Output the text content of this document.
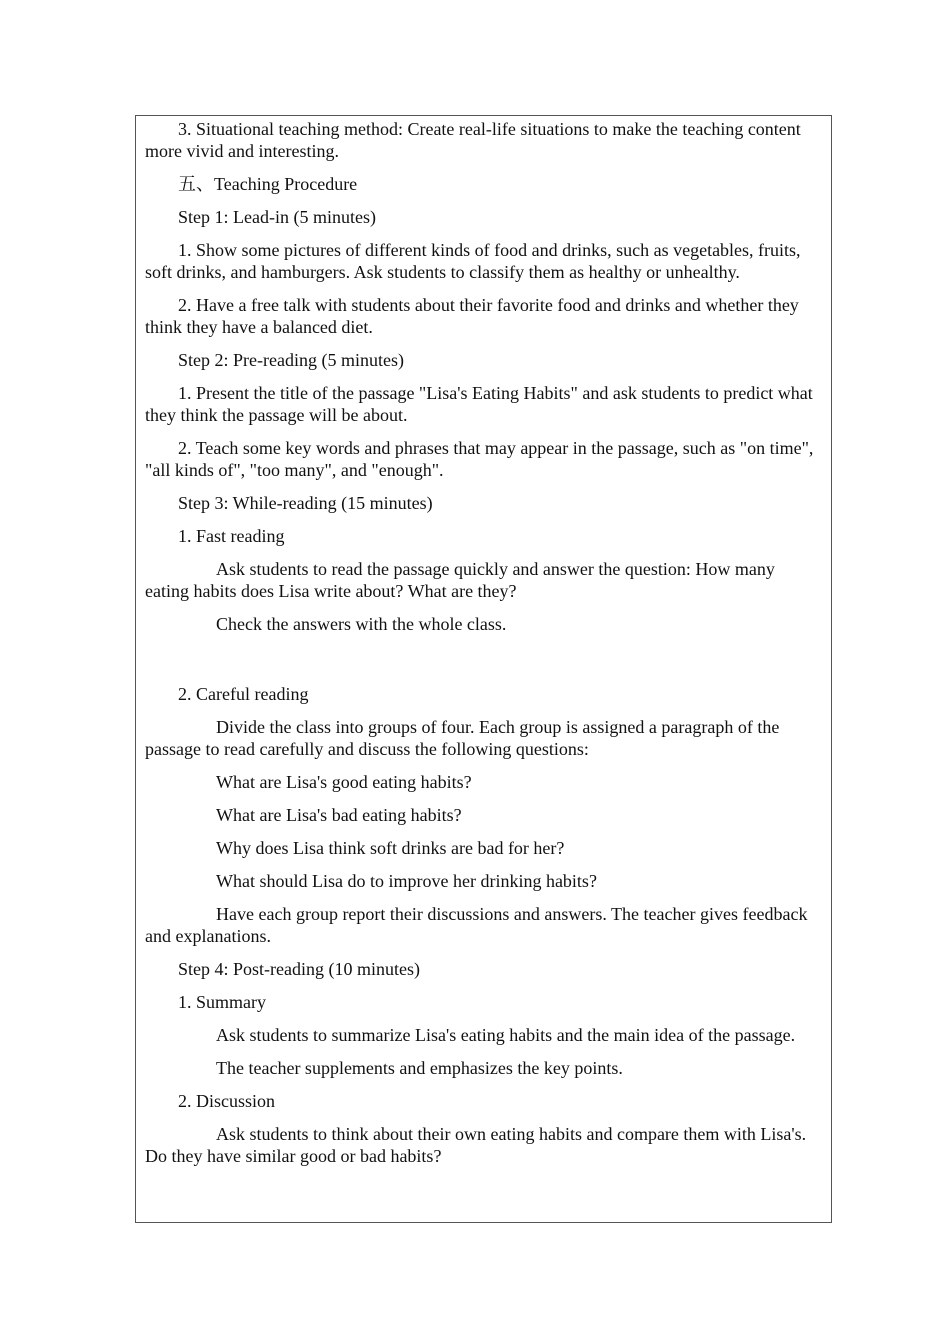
3. Situational teaching method: Create real-life situations to make the teaching content more vivid and interesting.

五、Teaching Procedure

Step 1: Lead-in (5 minutes)

1. Show some pictures of different kinds of food and drinks, such as vegetables, fruits, soft drinks, and hamburgers. Ask students to classify them as healthy or unhealthy.

2. Have a free talk with students about their favorite food and drinks and whether they think they have a balanced diet.

Step 2: Pre-reading (5 minutes)

1. Present the title of the passage "Lisa's Eating Habits" and ask students to predict what they think the passage will be about.

2. Teach some key words and phrases that may appear in the passage, such as "on time", "all kinds of", "too many", and "enough".

Step 3: While-reading (15 minutes)

1. Fast reading

Ask students to read the passage quickly and answer the question: How many eating habits does Lisa write about? What are they?

Check the answers with the whole class.

2. Careful reading

Divide the class into groups of four. Each group is assigned a paragraph of the passage to read carefully and discuss the following questions:

What are Lisa's good eating habits?

What are Lisa's bad eating habits?

Why does Lisa think soft drinks are bad for her?

What should Lisa do to improve her drinking habits?

Have each group report their discussions and answers. The teacher gives feedback and explanations.

Step 4: Post-reading (10 minutes)

1. Summary

Ask students to summarize Lisa's eating habits and the main idea of the passage.

The teacher supplements and emphasizes the key points.

2. Discussion

Ask students to think about their own eating habits and compare them with Lisa's. Do they have similar good or bad habits?
